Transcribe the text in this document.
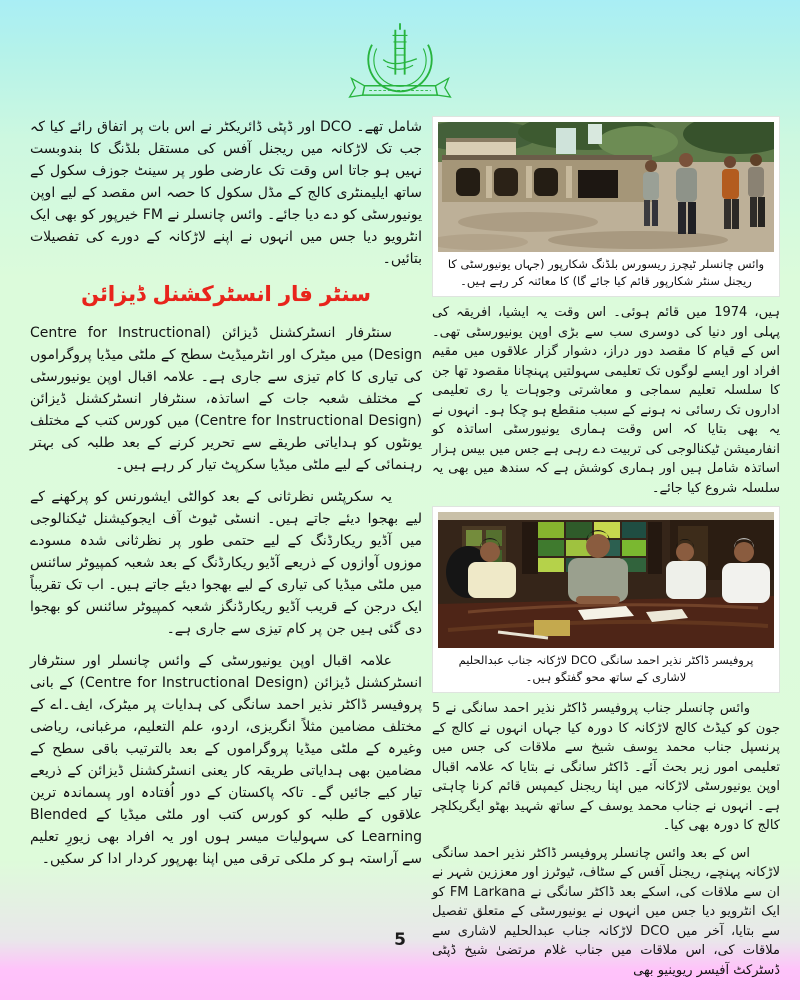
شامل تھے۔ DCO اور ڈپٹی ڈائریکٹر نے اس بات پر اتفاق رائے کیا کہ جب تک لاڑکانہ میں ریجنل آفس کی مستقل بلڈنگ کا بندوبست نہیں ہو جاتا اس وقت تک عارضی طور پر سینٹ جوزف سکول کے ساتھ ایلیمنٹری کالج کے مڈل سکول کا حصہ اس مقصد کے لیے اوپن یونیورسٹی کو دے دیا جائے۔ وائس چانسلر نے FM خیرپور کو بھی ایک انٹرویو دیا جس میں انہوں نے اپنے لاڑکانہ کے دورے کی تفصیلات بتائیں۔

سنٹر فار انسٹرکشنل ڈیزائن

سنٹرفار انسٹرکشنل ڈیزائن (Centre for Instructional Design) میں میٹرک اور انٹرمیڈیٹ سطح کے ملٹی میڈیا پروگراموں کی تیاری کا کام تیزی سے جاری ہے۔ علامہ اقبال اوپن یونیورسٹی کے مختلف شعبہ جات کے اساتذہ، سنٹرفار انسٹرکشنل ڈیزائن (Centre for Instructional Design) میں کورس کتب کے مختلف یونٹوں کو ہدایاتی طریقے سے تحریر کرنے کے بعد طلبہ کی بہتر رہنمائی کے لیے ملٹی میڈیا سکرپٹ تیار کر رہے ہیں۔

یہ سکرپٹس نظرثانی کے بعد کوالٹی ایشورنس کو پرکھنے کے لیے بھجوا دیئے جاتے ہیں۔ انسٹی ٹیوٹ آف ایجوکیشنل ٹیکنالوجی میں آڈیو ریکارڈنگ کے لیے حتمی طور پر نظرثانی شدہ مسودے موزوں آوازوں کے ذریعے آڈیو ریکارڈنگ کے بعد شعبہ کمپیوٹر سائنس میں ملٹی میڈیا کی تیاری کے لیے بھجوا دیئے جاتے ہیں۔ اب تک تقریباً ایک درجن کے قریب آڈیو ریکارڈنگز شعبہ کمپیوٹر سائنس کو بھجوا دی گئی ہیں جن پر کام تیزی سے جاری ہے۔

علامہ اقبال اوپن یونیورسٹی کے وائس چانسلر اور سنٹرفار انسٹرکشنل ڈیزائن (Centre for Instructional Design) کے بانی پروفیسر ڈاکٹر نذیر احمد سانگی کی ہدایات پر میٹرک، ایف۔اے کے مختلف مضامین مثلاً انگریزی، اردو، علم التعلیم، مرغبانی، ریاضی وغیرہ کے ملٹی میڈیا پروگراموں کے بعد بالترتیب باقی سطح کے مضامین بھی ہدایاتی طریقہ کار یعنی انسٹرکشنل ڈیزائن کے ذریعے تیار کیے جائیں گے۔ تاکہ پاکستان کے دور اُفتادہ اور پسماندہ ترین علاقوں کے طلبہ کو کورس کتب اور ملٹی میڈیا کے Blended Learning کی سہولیات میسر ہوں اور یہ افراد بھی زیورِ تعلیم سے آراستہ ہو کر ملکی ترقی میں اپنا بھرپور کردار ادا کر سکیں۔

وائس چانسلر ٹیچرز ریسورس بلڈنگ شکارپور (جہاں یونیورسٹی کا ریجنل سنٹر شکارپور قائم کیا جائے گا) کا معائنہ کر رہے ہیں۔

ہیں، 1974 میں قائم ہوئی۔ اس وقت یہ ایشیا، افریقہ کی پہلی اور دنیا کی دوسری سب سے بڑی اوپن یونیورسٹی تھی۔ اس کے قیام کا مقصد دور دراز، دشوار گزار علاقوں میں مقیم افراد اور ایسے لوگوں تک تعلیمی سہولتیں پہنچانا مقصود تھا جن کا سلسلہ تعلیم سماجی و معاشرتی وجوہات یا ری تعلیمی اداروں تک رسائی نہ ہونے کے سبب منقطع ہو چکا ہو۔ انہوں نے یہ بھی بتایا کہ اس وقت ہماری یونیورسٹی اساتذہ کو انفارمیشن ٹیکنالوجی کی تربیت دے رہی ہے جس میں بیس ہزار اساتذہ شامل ہیں اور ہماری کوشش ہے کہ سندھ میں بھی یہ سلسلہ شروع کیا جائے۔

پروفیسر ڈاکٹر نذیر احمد سانگی DCO لاڑکانہ جناب عبدالحلیم لاشاری کے ساتھ محو گفتگو ہیں۔

وائس چانسلر جناب پروفیسر ڈاکٹر نذیر احمد سانگی نے 5 جون کو کیڈٹ کالج لاڑکانہ کا دورہ کیا جہاں انہوں نے کالج کے پرنسپل جناب محمد یوسف شیخ سے ملاقات کی جس میں تعلیمی امور زیر بحث آئے۔ ڈاکٹر سانگی نے بتایا کہ علامہ اقبال اوپن یونیورسٹی لاڑکانہ میں اپنا ریجنل کیمپس قائم کرنا چاہتی ہے۔ انہوں نے جناب محمد یوسف کے ساتھ شہید بھٹو ایگریکلچر کالج کا دورہ بھی کیا۔

اس کے بعد وائس چانسلر پروفیسر ڈاکٹر نذیر احمد سانگی لاڑکانہ پہنچے، ریجنل آفس کے سٹاف، ٹیوٹرز اور معززین شہر نے ان سے ملاقات کی، اسکے بعد ڈاکٹر سانگی نے FM Larkana کو ایک انٹرویو دیا جس میں انہوں نے یونیورسٹی کے متعلق تفصیل سے بتایا، آخر میں DCO لاڑکانہ جناب عبدالحلیم لاشاری سے ملاقات کی، اس ملاقات میں جناب غلام مرتضیٰ شیخ ڈپٹی ڈسٹرکٹ آفیسر ریوینیو بھی

5
